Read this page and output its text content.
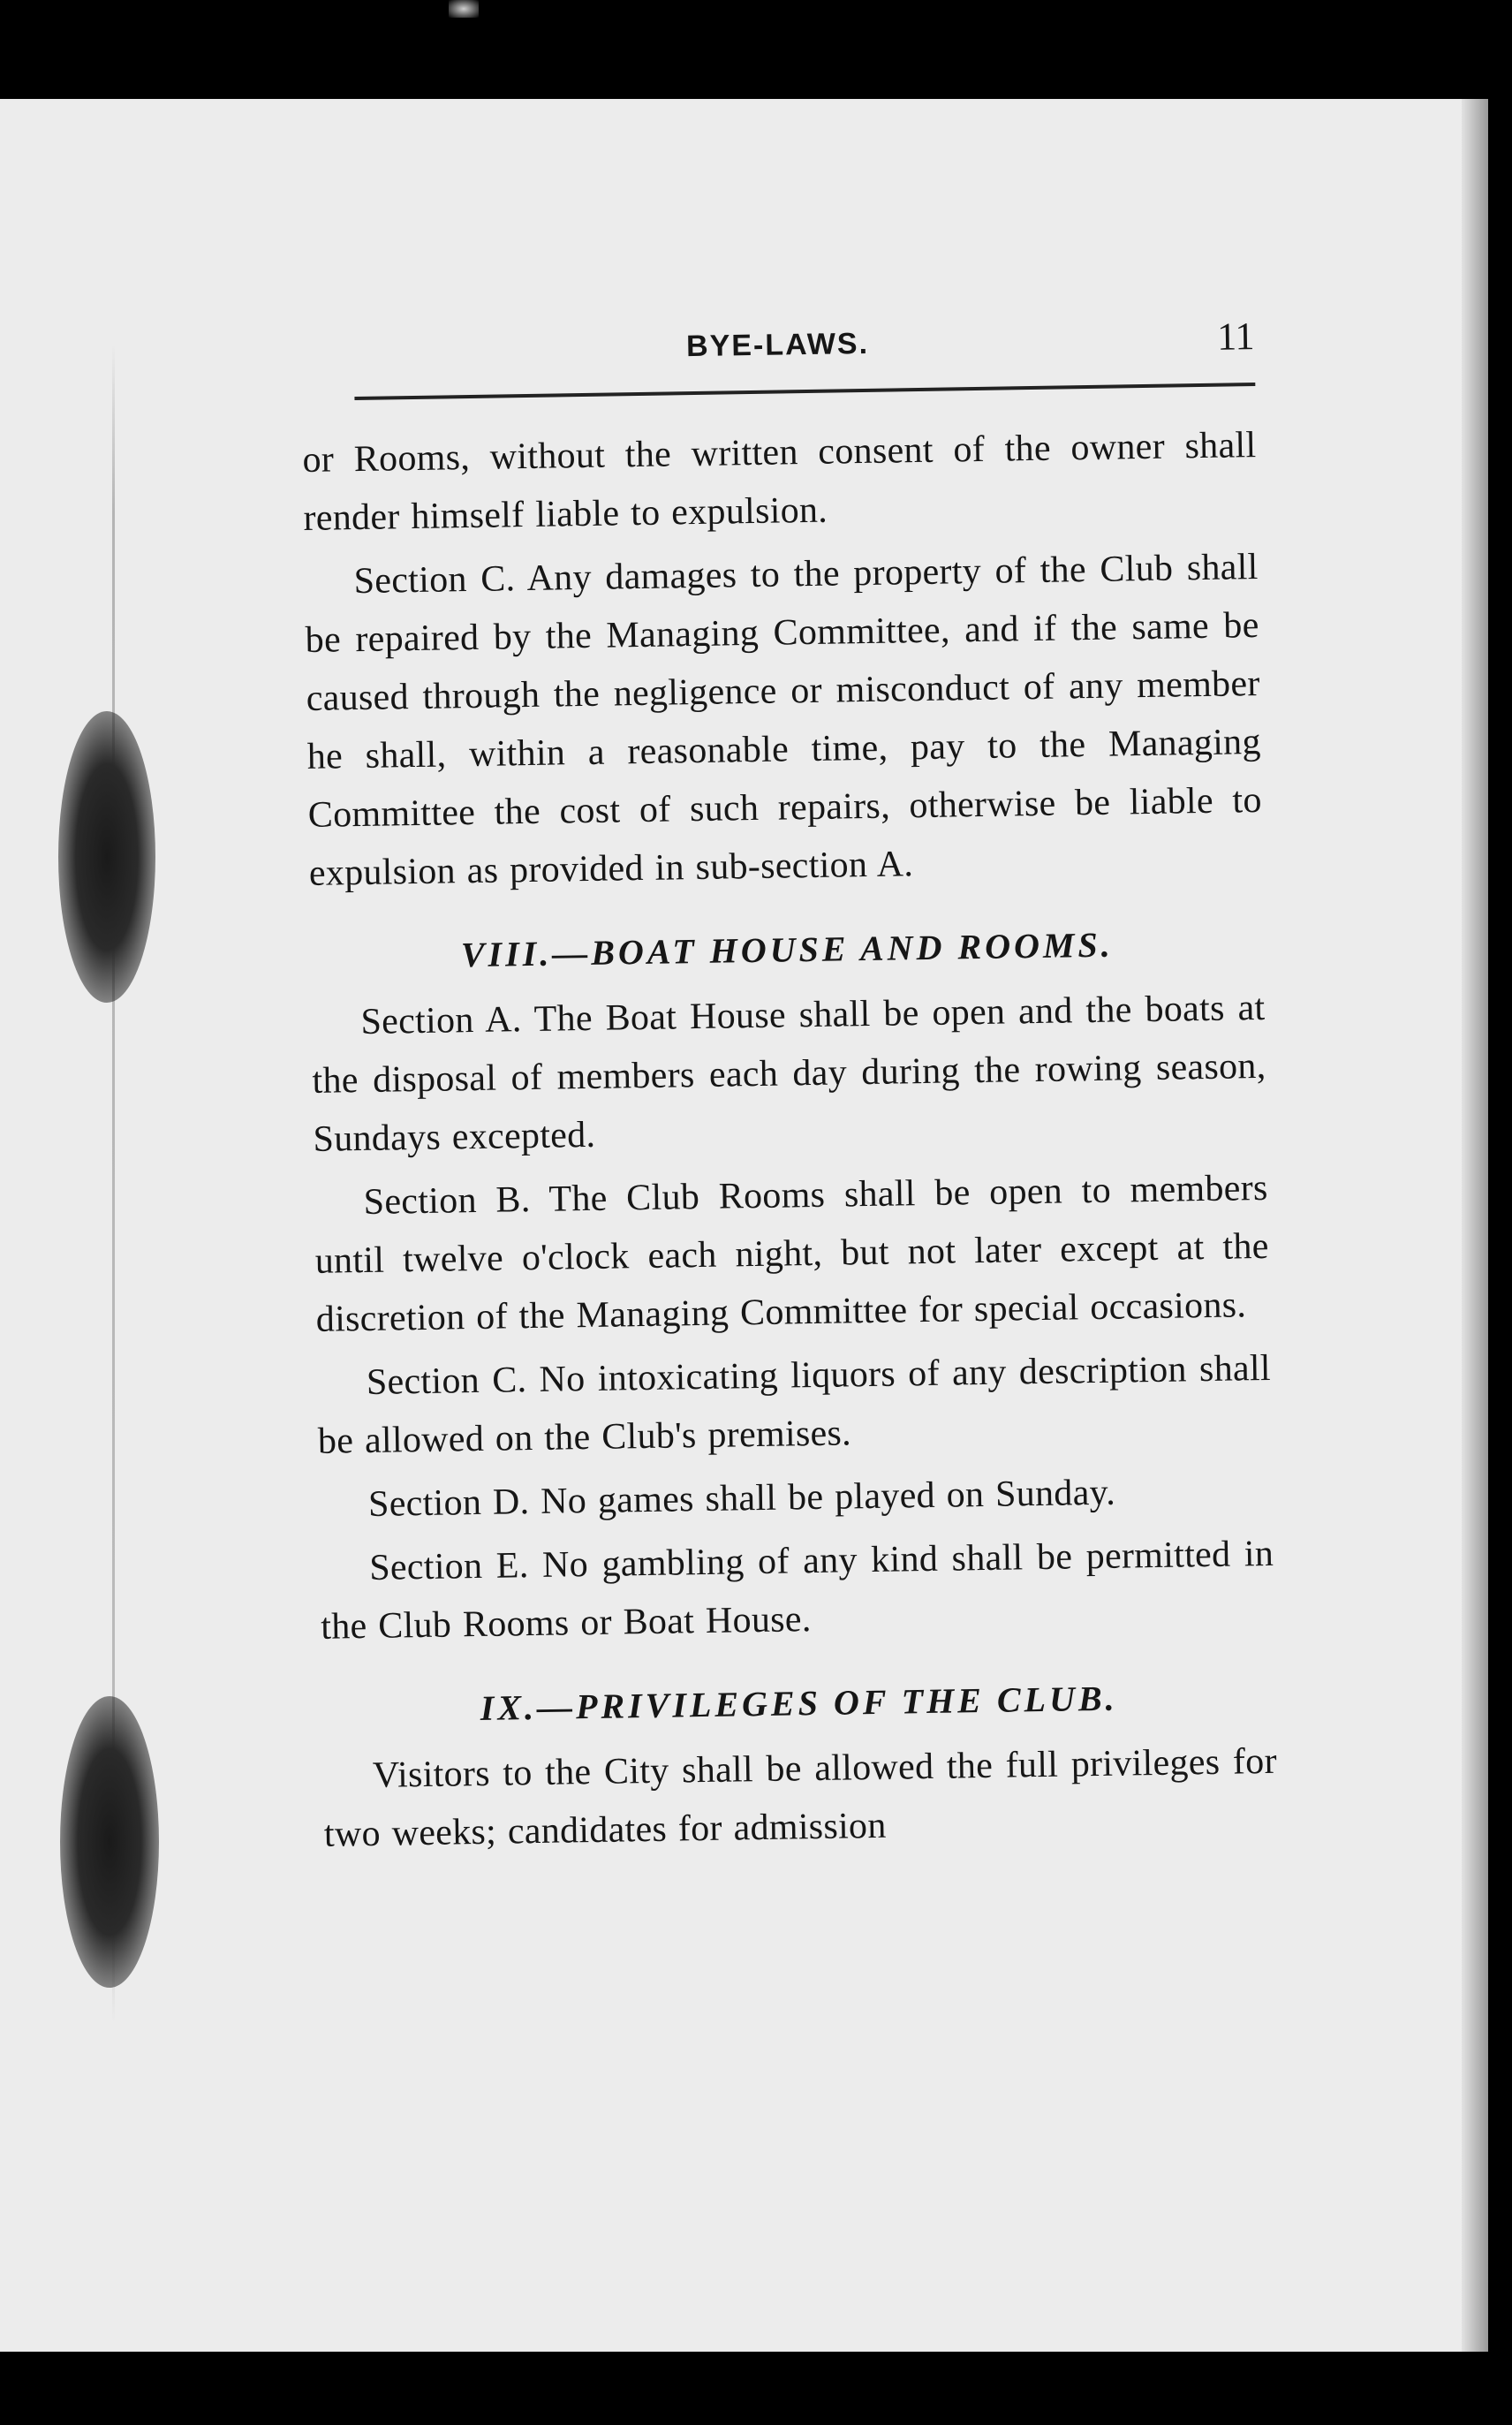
BYE-LAWS.	11

or Rooms, without the written consent of the owner shall render himself liable to expulsion.

Section C. Any damages to the property of the Club shall be repaired by the Managing Committee, and if the same be caused through the negligence or misconduct of any member he shall, within a reasonable time, pay to the Managing Committee the cost of such repairs, otherwise be liable to expulsion as provided in sub-section A.

VIII.—BOAT HOUSE AND ROOMS.

Section A. The Boat House shall be open and the boats at the disposal of members each day during the rowing season, Sundays excepted.

Section B. The Club Rooms shall be open to members until twelve o'clock each night, but not later except at the discretion of the Managing Committee for special occasions.

Section C. No intoxicating liquors of any description shall be allowed on the Club's premises.

Section D. No games shall be played on Sunday.

Section E. No gambling of any kind shall be permitted in the Club Rooms or Boat House.

IX.—PRIVILEGES OF THE CLUB.

Visitors to the City shall be allowed the full privileges for two weeks; candidates for admission
